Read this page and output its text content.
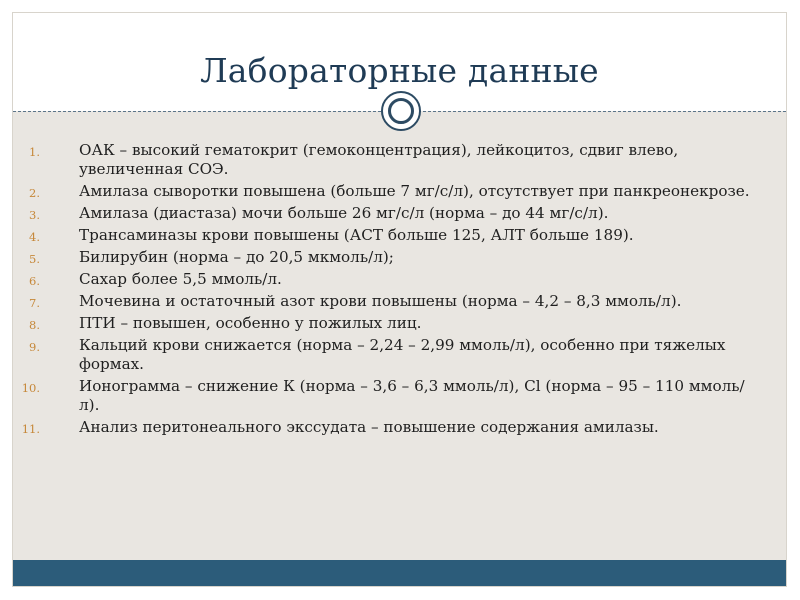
Лабораторные данные
1.	ОАК – высокий гематокрит (гемоконцентрация), лейкоцитоз, сдвиг влево, увеличенная СОЭ.
2.	Амилаза сыворотки повышена (больше 7 мг/с/л), отсутствует при панкреонекрозе.
3.	Амилаза (диастаза) мочи больше 26 мг/с/л (норма – до 44 мг/с/л).
4.	Трансаминазы крови повышены (АСТ больше 125, АЛТ больше 189).
5.	Билирубин (норма – до 20,5 мкмоль/л);
6.	Сахар более 5,5 ммоль/л.
7.	Мочевина и остаточный азот крови повышены (норма – 4,2 – 8,3 ммоль/л).
8.	ПТИ – повышен, особенно у пожилых лиц.
9.	Кальций крови снижается (норма – 2,24 – 2,99 ммоль/л), особенно при тяжелых формах.
10.	Ионограмма – снижение К (норма – 3,6 – 6,3 ммоль/л), Cl (норма – 95 – 110 ммоль/л).
11.	Анализ перитонеального экссудата – повышение содержания амилазы.
